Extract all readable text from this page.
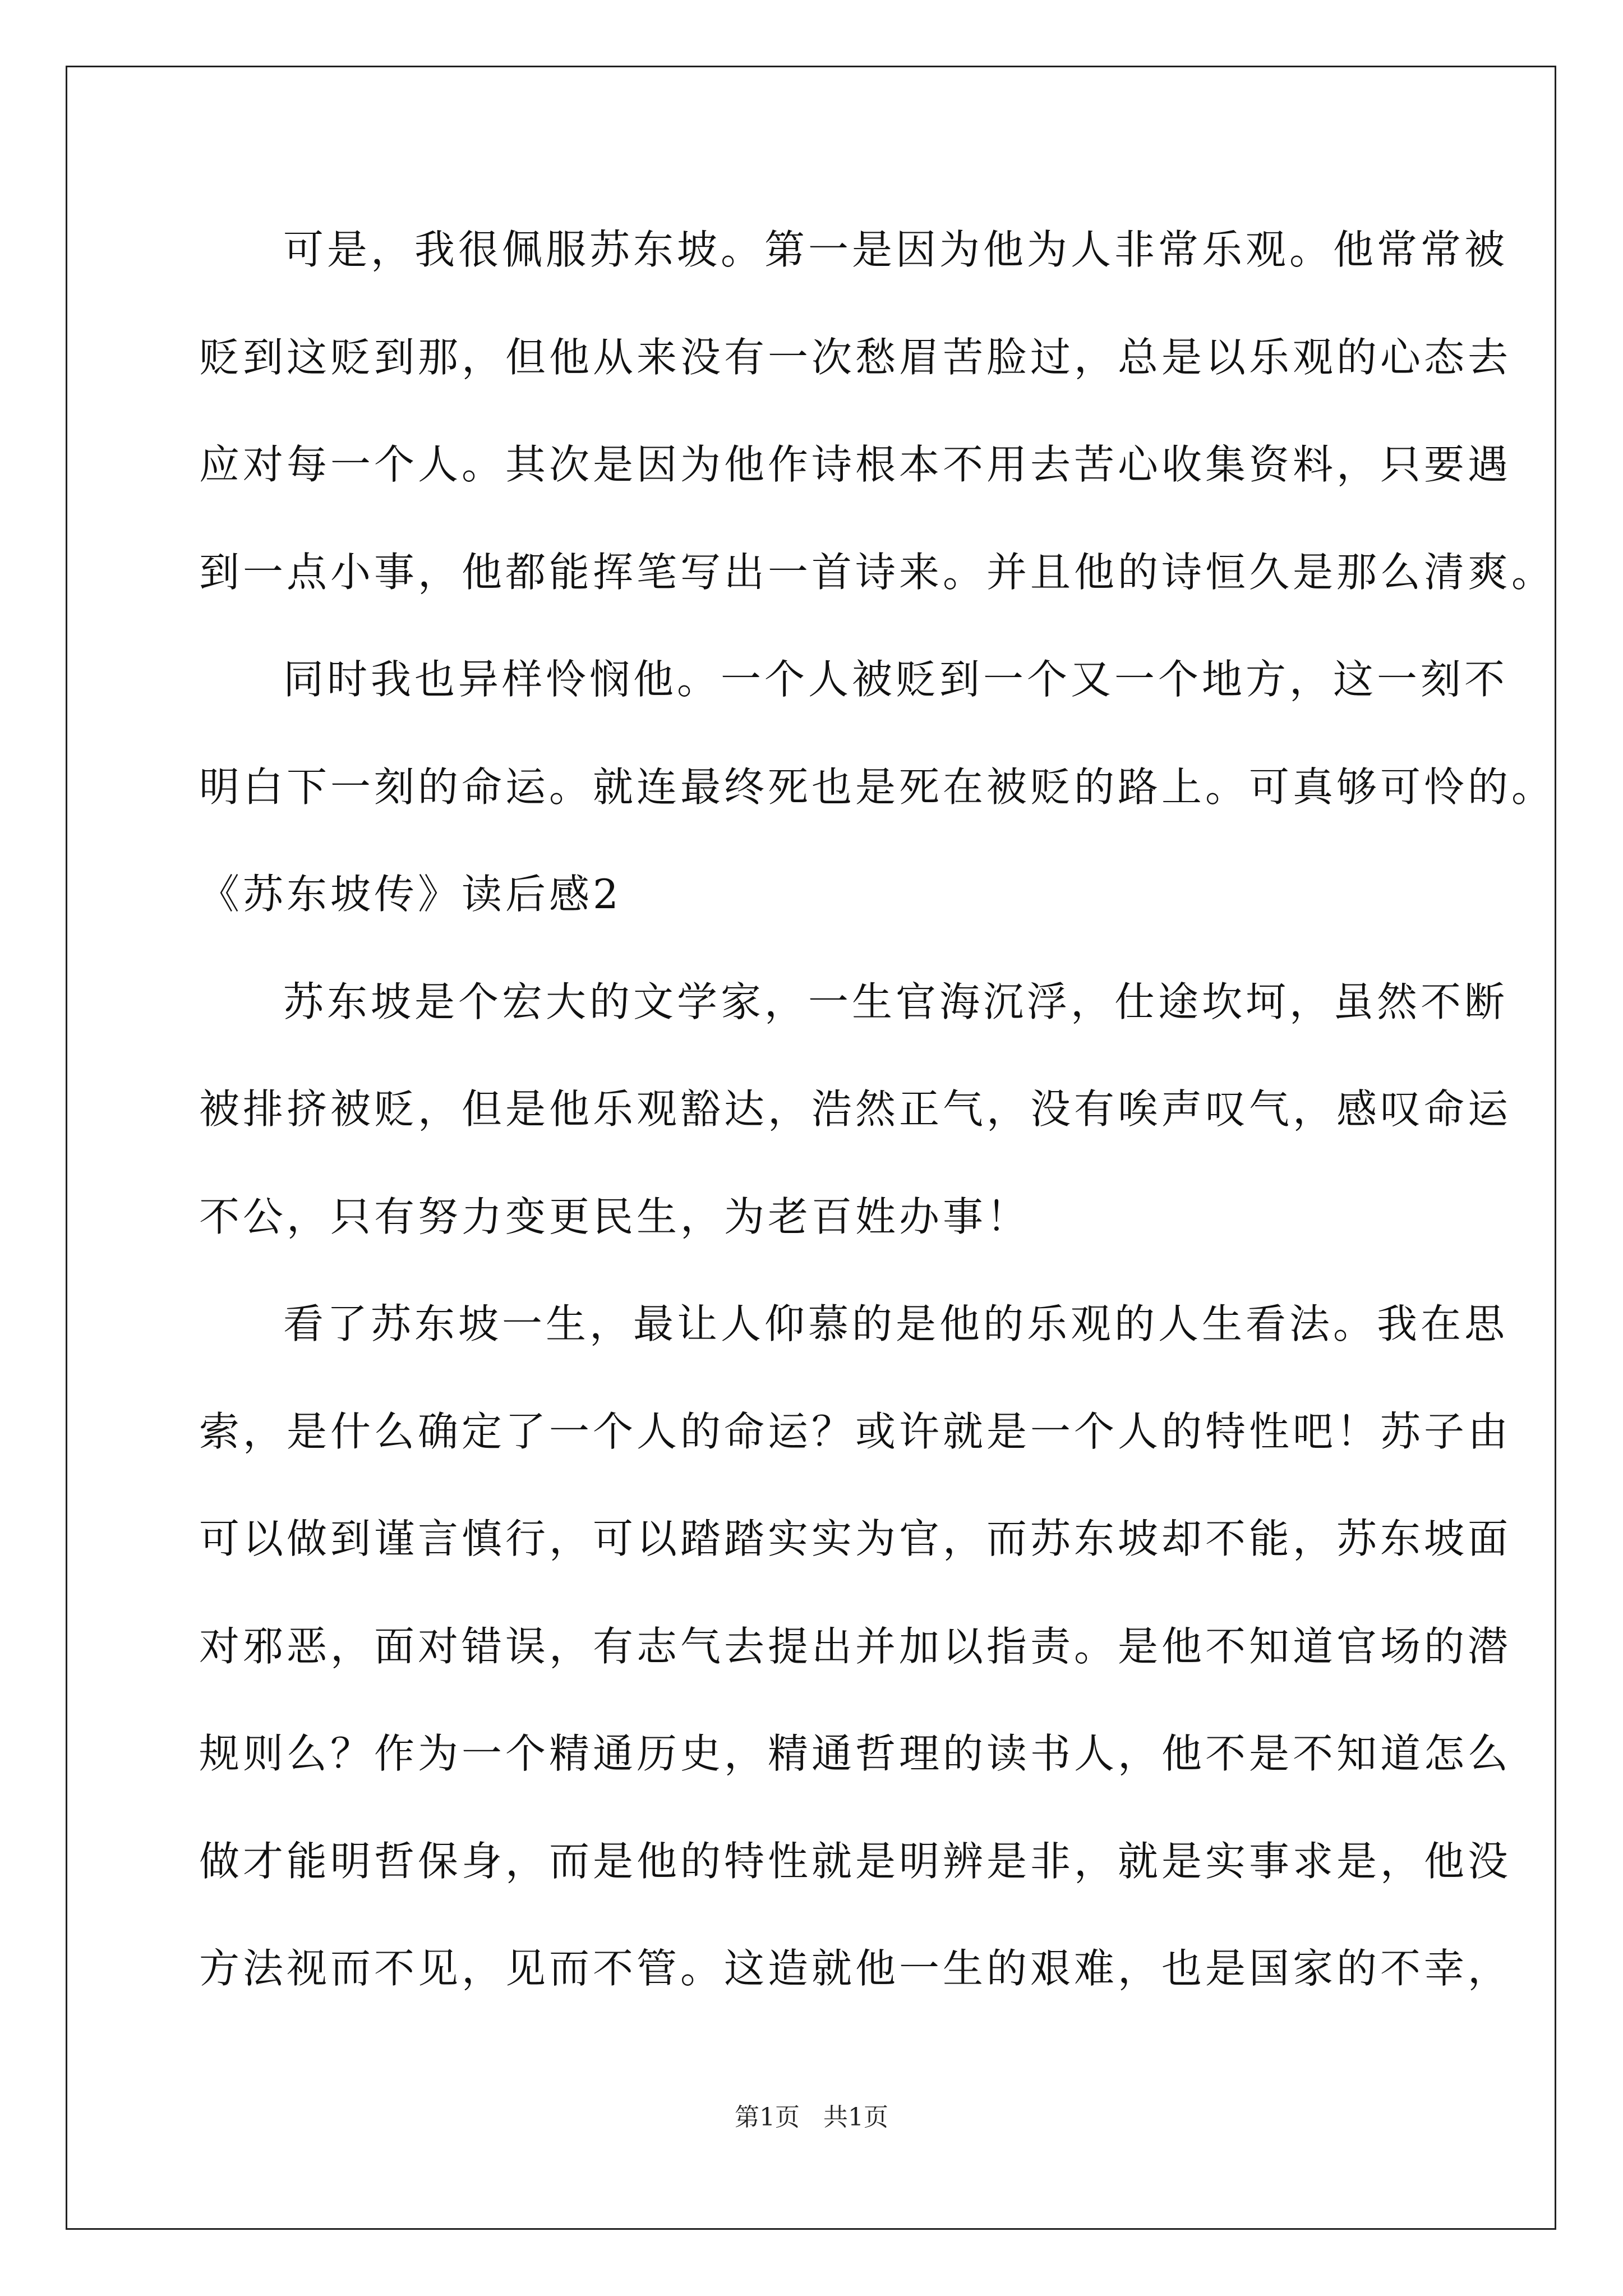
可是，我很佩服苏东坡。第一是因为他为人非常乐观。他常常被
贬到这贬到那，但他从来没有一次愁眉苦脸过，总是以乐观的心态去
应对每一个人。其次是因为他作诗根本不用去苦心收集资料，只要遇
到一点小事，他都能挥笔写出一首诗来。并且他的诗恒久是那么清爽。
同时我也异样怜悯他。一个人被贬到一个又一个地方，这一刻不
明白下一刻的命运。就连最终死也是死在被贬的路上。可真够可怜的。
《苏东坡传》读后感2
苏东坡是个宏大的文学家，一生官海沉浮，仕途坎坷，虽然不断
被排挤被贬，但是他乐观豁达，浩然正气，没有唉声叹气，感叹命运
不公，只有努力变更民生，为老百姓办事！
看了苏东坡一生，最让人仰慕的是他的乐观的人生看法。我在思
索，是什么确定了一个人的命运？或许就是一个人的特性吧！苏子由
可以做到谨言慎行，可以踏踏实实为官，而苏东坡却不能，苏东坡面
对邪恶，面对错误，有志气去提出并加以指责。是他不知道官场的潜
规则么？作为一个精通历史，精通哲理的读书人，他不是不知道怎么
做才能明哲保身，而是他的特性就是明辨是非，就是实事求是，他没
方法视而不见，见而不管。这造就他一生的艰难，也是国家的不幸，
第1页   共1页
